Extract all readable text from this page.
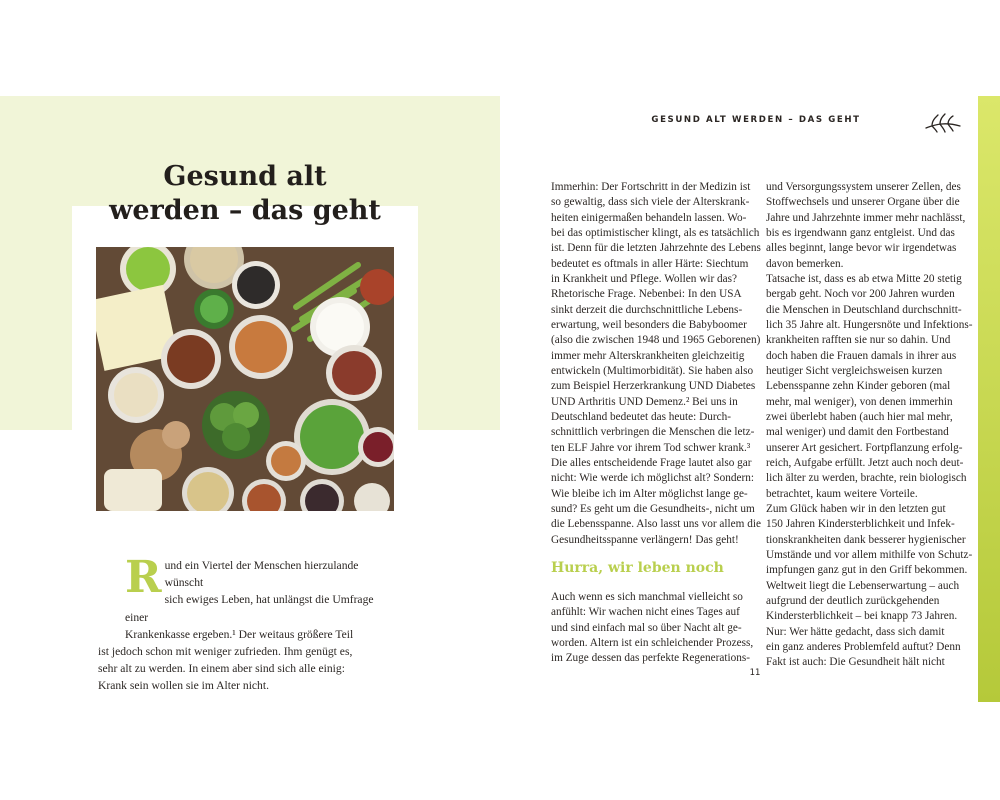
Gesund alt
werden – das geht

R und ein Viertel der Menschen hierzulande wünscht
sich ewiges Leben, hat unlängst die Umfrage einer
Krankenkasse ergeben.¹ Der weitaus größere Teil
ist jedoch schon mit weniger zufrieden. Ihm genügt es,
sehr alt zu werden. In einem aber sind sich alle einig:
Krank sein wollen sie im Alter nicht.

GESUND ALT WERDEN – DAS GEHT

Immerhin: Der Fortschritt in der Medizin ist

so gewaltig, dass sich viele der Alterskrank-

heiten einigermaßen behandeln lassen. Wo-

bei das optimistischer klingt, als es tatsächlich

ist. Denn für die letzten Jahrzehnte des Lebens

bedeutet es oftmals in aller Härte: Siechtum

in Krankheit und Pflege. Wollen wir das?

Rhetorische Frage. Nebenbei: In den USA

sinkt derzeit die durchschnittliche Lebens-

erwartung, weil besonders die Babyboomer

(also die zwischen 1948 und 1965 Geborenen)

immer mehr Alterskrankheiten gleichzeitig

entwickeln (Multimorbidität). Sie haben also

zum Beispiel Herzerkrankung UND Diabetes

UND Arthritis UND Demenz.² Bei uns in

Deutschland bedeutet das heute: Durch-

schnittlich verbringen die Menschen die letz-

ten ELF Jahre vor ihrem Tod schwer krank.³

Die alles entscheidende Frage lautet also gar

nicht: Wie werde ich möglichst alt? Sondern:

Wie bleibe ich im Alter möglichst lange ge-

sund? Es geht um die Gesundheits-, nicht um

die Lebensspanne. Also lasst uns vor allem die

Gesundheitsspanne verlängern! Das geht!

Hurra, wir leben noch

Auch wenn es sich manchmal vielleicht so

anfühlt: Wir wachen nicht eines Tages auf

und sind einfach mal so über Nacht alt ge-

worden. Altern ist ein schleichender Prozess,

im Zuge dessen das perfekte Regenerations-

und Versorgungssystem unserer Zellen, des

Stoffwechsels und unserer Organe über die

Jahre und Jahrzehnte immer mehr nachlässt,

bis es irgendwann ganz entgleist. Und das

alles beginnt, lange bevor wir irgendetwas

davon bemerken.

Tatsache ist, dass es ab etwa Mitte 20 stetig

bergab geht. Noch vor 200 Jahren wurden

die Menschen in Deutschland durchschnitt-

lich 35 Jahre alt. Hungersnöte und Infektions-

krankheiten rafften sie nur so dahin. Und

doch haben die Frauen damals in ihrer aus

heutiger Sicht vergleichsweisen kurzen

Lebensspanne zehn Kinder geboren (mal

mehr, mal weniger), von denen immerhin

zwei überlebt haben (auch hier mal mehr,

mal weniger) und damit den Fortbestand

unserer Art gesichert. Fortpflanzung erfolg-

reich, Aufgabe erfüllt. Jetzt auch noch deut-

lich älter zu werden, brachte, rein biologisch

betrachtet, kaum weitere Vorteile.

Zum Glück haben wir in den letzten gut

150 Jahren Kindersterblichkeit und Infek-

tionskrankheiten dank besserer hygienischer

Umstände und vor allem mithilfe von Schutz-

impfungen ganz gut in den Griff bekommen.

Weltweit liegt die Lebenserwartung – auch

aufgrund der deutlich zurückgehenden

Kindersterblichkeit – bei knapp 73 Jahren.

Nur: Wer hätte gedacht, dass sich damit

ein ganz anderes Problemfeld auftut? Denn

Fakt ist auch: Die Gesundheit hält nicht

11
